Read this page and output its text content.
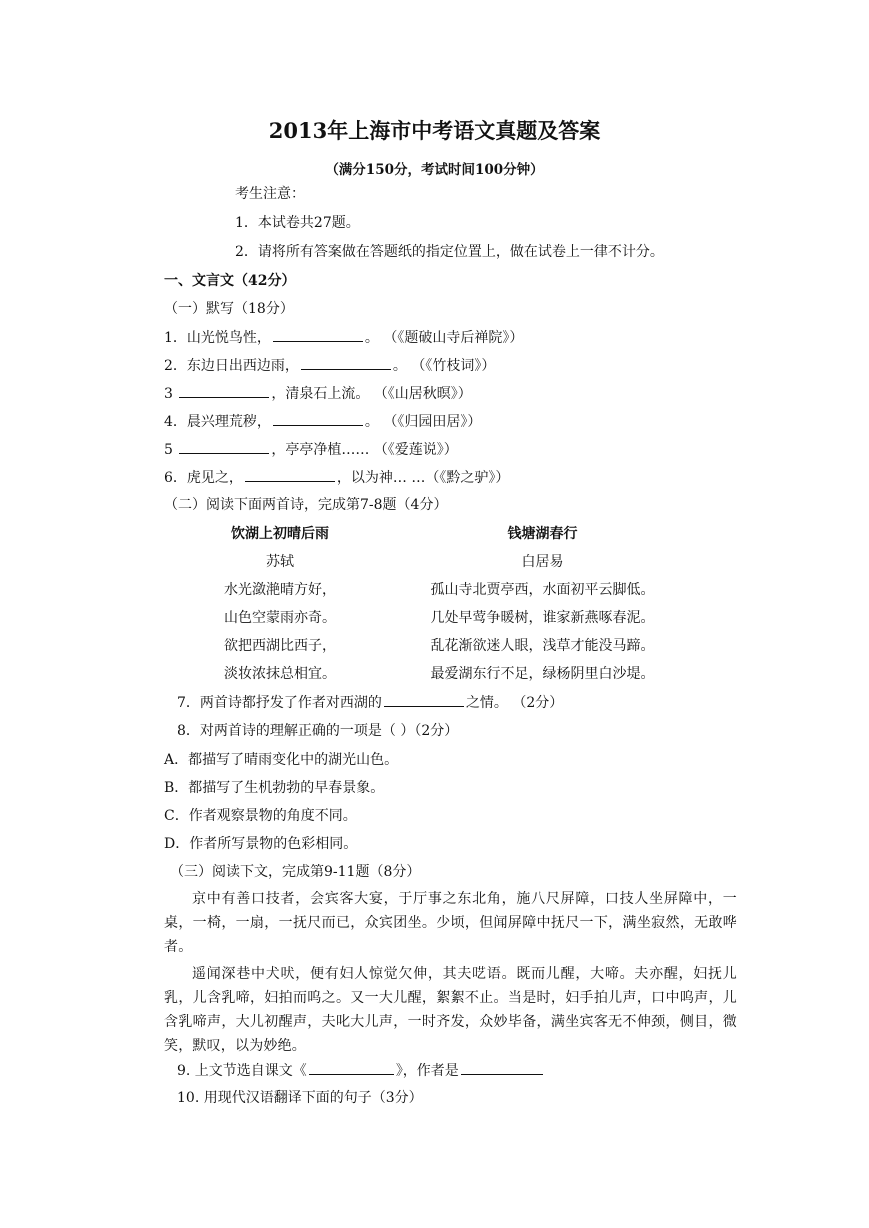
2013年上海市中考语文真题及答案
（满分150分，考试时间100分钟）
考生注意：
1．本试卷共27题。
2．请将所有答案做在答题纸的指定位置上，做在试卷上一律不计分。
一、文言文（42分）
（一）默写（18分）
1．山光悦鸟性，	。 （《题破山寺后禅院》）
2．东边日出西边雨，	。 （《竹枝词》）
3	，清泉石上流。 （《山居秋暝》）
4．晨兴理荒秽，	。 （《归园田居》）
5	，亭亭净植…… （《爱莲说》）
6．虎见之，	，以为神… …（《黔之驴》）
（二）阅读下面两首诗，完成第7-8题（4分）
饮湖上初晴后雨
苏轼
水光潋滟晴方好，
山色空蒙雨亦奇。
欲把西湖比西子，
淡妆浓抹总相宜。
钱塘湖春行
白居易
孤山寺北贾亭西，水面初平云脚低。
几处早莺争暖树，谁家新燕啄春泥。
乱花渐欲迷人眼，浅草才能没马蹄。
最爱湖东行不足，绿杨阴里白沙堤。
7．两首诗都抒发了作者对西湖的	之情。 （2分）
8．对两首诗的理解正确的一项是（ ）（2分）
A．都描写了晴雨变化中的湖光山色。
B．都描写了生机勃勃的早春景象。
C．作者观察景物的角度不同。
D．作者所写景物的色彩相同。
（三）阅读下文，完成第9-11题（8分）
京中有善口技者，会宾客大宴，于厅事之东北角，施八尺屏障，口技人坐屏障中，一桌，一椅，一扇，一抚尺而已，众宾团坐。少顷，但闻屏障中抚尺一下，满坐寂然，无敢哗者。
遥闻深巷中犬吠，便有妇人惊觉欠伸，其夫呓语。既而儿醒，大啼。夫亦醒，妇抚儿乳，儿含乳啼，妇拍而呜之。又一大儿醒，絮絮不止。当是时，妇手拍儿声，口中呜声，儿含乳啼声，大儿初醒声，夫叱大儿声，一时齐发，众妙毕备，满坐宾客无不伸颈，侧目，微笑，默叹，以为妙绝。
9. 上文节选自课文《	》，作者是
10. 用现代汉语翻译下面的句子（3分）
